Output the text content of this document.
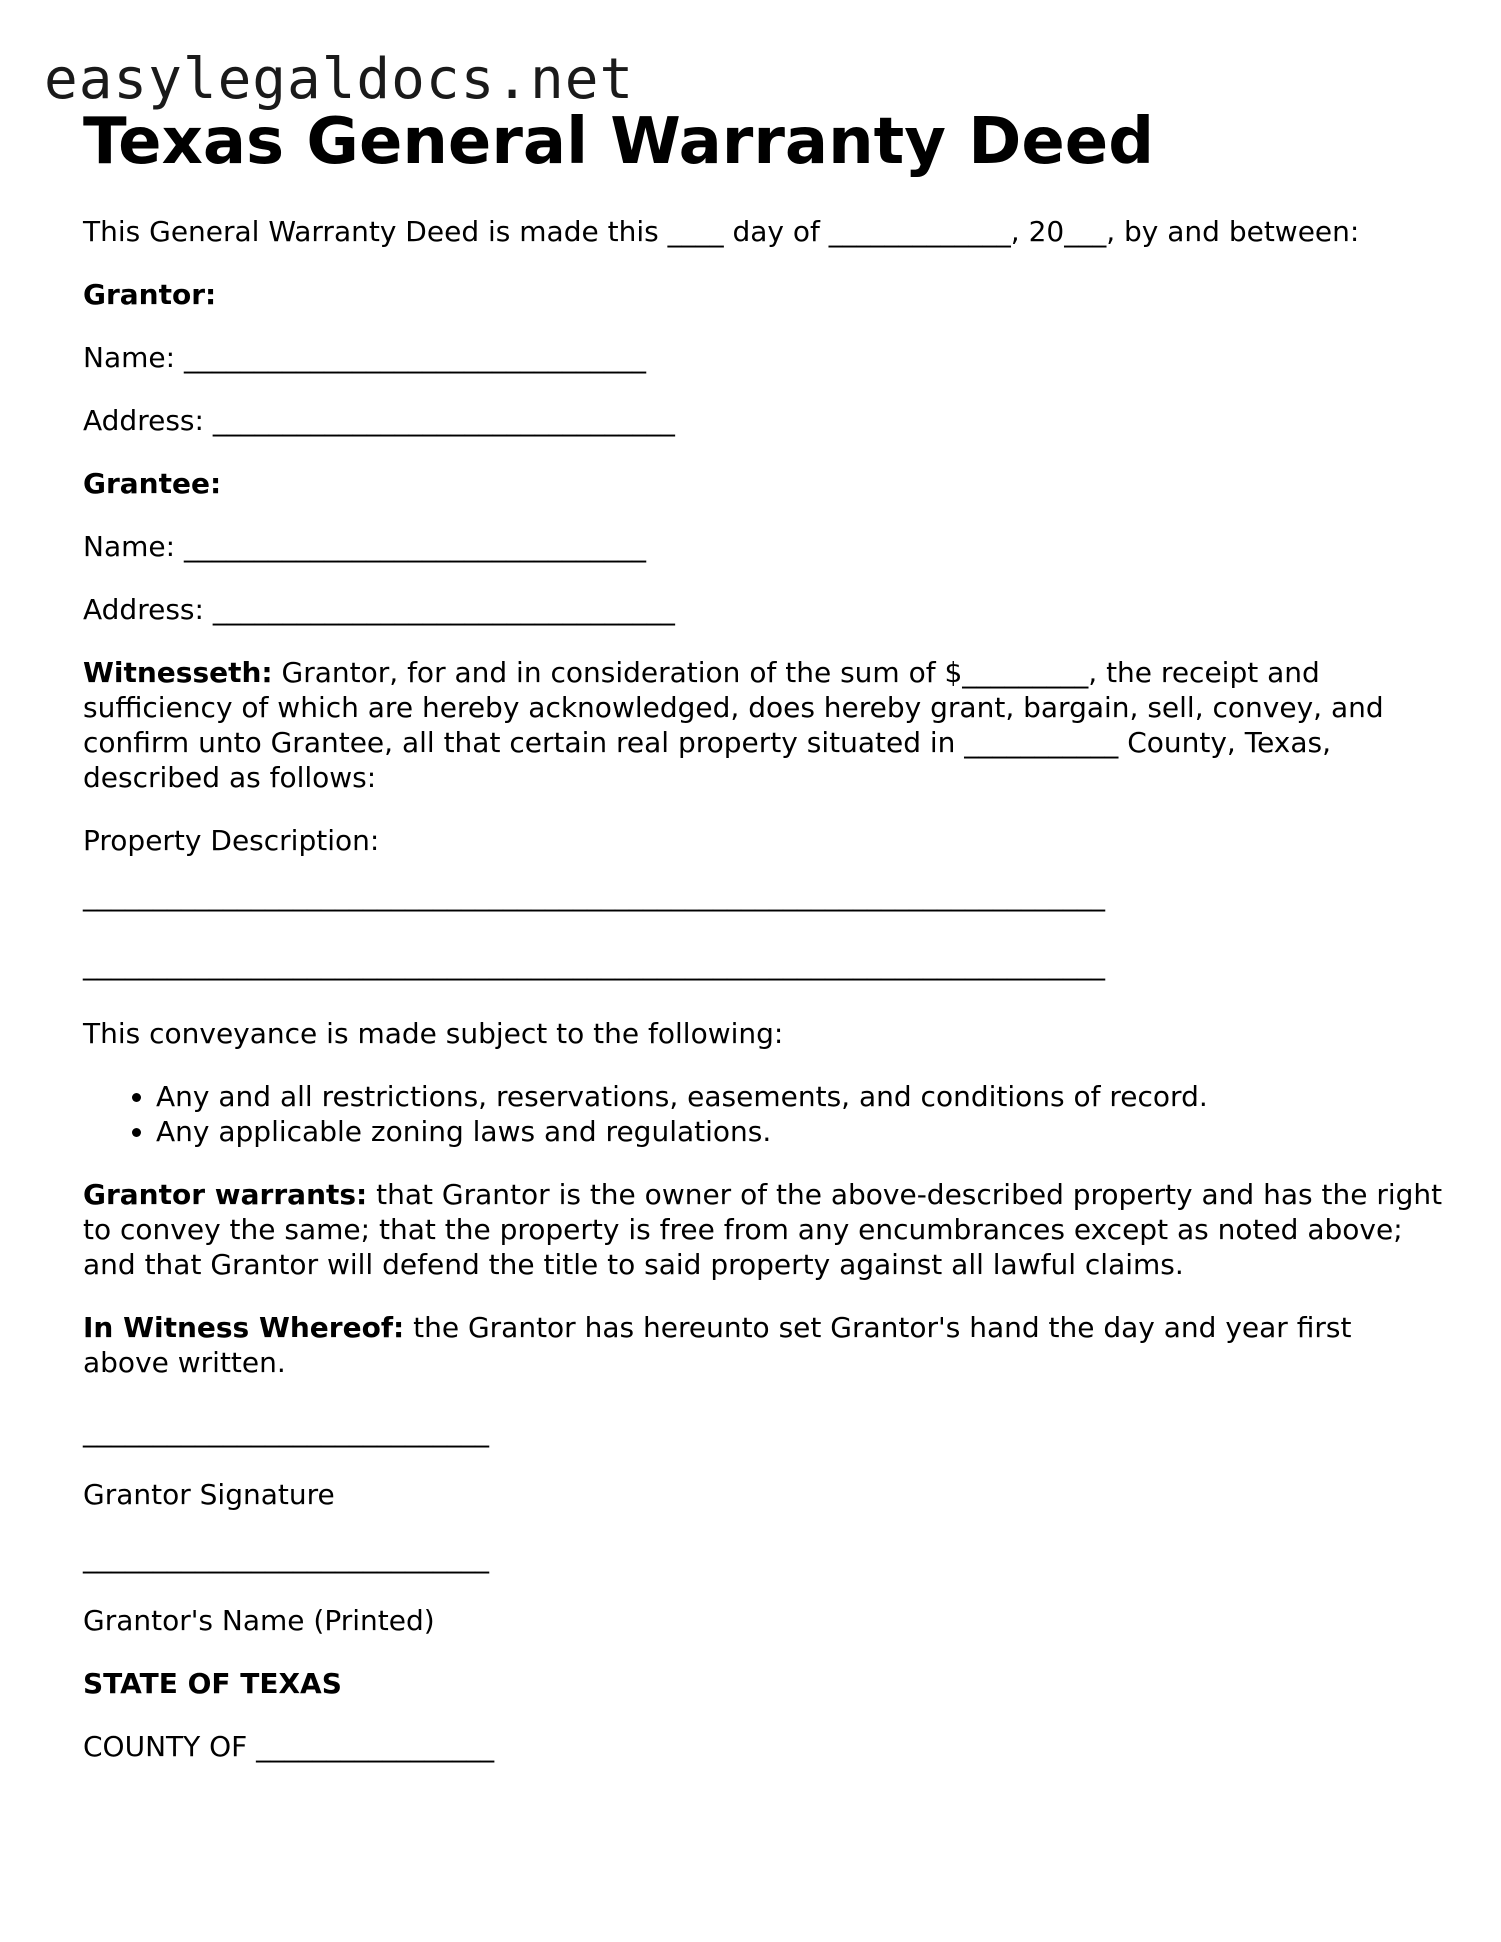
easylegaldocs.net
Texas General Warranty Deed

This General Warranty Deed is made this ____ day of _____________, 20___, by and between:

Grantor:

Name: _________________________________

Address: _________________________________

Grantee:

Name: _________________________________

Address: _________________________________

Witnesseth: Grantor, for and in consideration of the sum of $_________, the receipt and sufficiency of which are hereby acknowledged, does hereby grant, bargain, sell, convey, and confirm unto Grantee, all that certain real property situated in ___________ County, Texas, described as follows:

Property Description:

_________________________________________________________________________
_________________________________________________________________________

This conveyance is made subject to the following:

• Any and all restrictions, reservations, easements, and conditions of record.
• Any applicable zoning laws and regulations.

Grantor warrants: that Grantor is the owner of the above-described property and has the right to convey the same; that the property is free from any encumbrances except as noted above; and that Grantor will defend the title to said property against all lawful claims.

In Witness Whereof: the Grantor has hereunto set Grantor's hand the day and year first above written.

_____________________________

Grantor Signature

_____________________________

Grantor's Name (Printed)

STATE OF TEXAS

COUNTY OF _________________
